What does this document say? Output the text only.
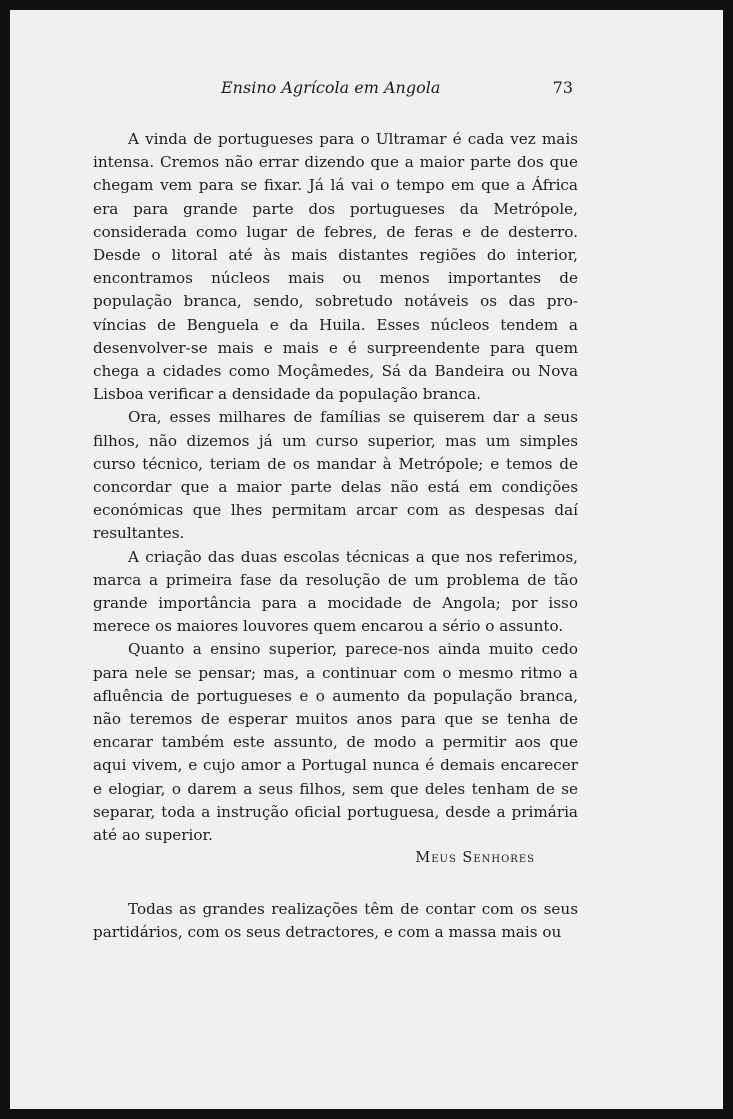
Ensino Agrícola em Angola	73

A vinda de portugueses para o Ultramar é cada vez mais intensa. Cremos não errar dizendo que a maior parte dos que chegam vem para se fixar. Já lá vai o tempo em que a África era para grande parte dos portugueses da Metrópole, considerada como lugar de febres, de feras e de desterro. Desde o litoral até às mais distantes regiões do interior, encontramos núcleos mais ou menos importantes de população branca, sendo, sobretudo notáveis os das províncias de Benguela e da Huila. Esses núcleos tendem a desenvolver-se mais e mais e é surpreendente para quem chega a cidades como Moçâmedes, Sá da Bandeira ou Nova Lisboa verificar a densidade da população branca.

Ora, esses milhares de famílias se quiserem dar a seus filhos, não dizemos já um curso superior, mas um simples curso técnico, teriam de os mandar à Metrópole; e temos de concordar que a maior parte delas não está em condições económicas que lhes permitam arcar com as despesas daí resultantes.

A criação das duas escolas técnicas a que nos referimos, marca a primeira fase da resolução de um problema de tão grande importância para a mocidade de Angola; por isso merece os maiores louvores quem encarou a sério o assunto.

Quanto a ensino superior, parece-nos ainda muito cedo para nele se pensar; mas, a continuar com o mesmo ritmo a afluência de portugueses e o aumento da população branca, não teremos de esperar muitos anos para que se tenha de encarar também este assunto, de modo a permitir aos que aqui vivem, e cujo amor a Portugal nunca é demais encarecer e elogiar, o darem a seus filhos, sem que deles tenham de se separar, toda a instrução oficial portuguesa, desde a primária até ao superior.

Meus Senhores

Todas as grandes realizações têm de contar com os seus partidários, com os seus detractores, e com a massa mais ou
